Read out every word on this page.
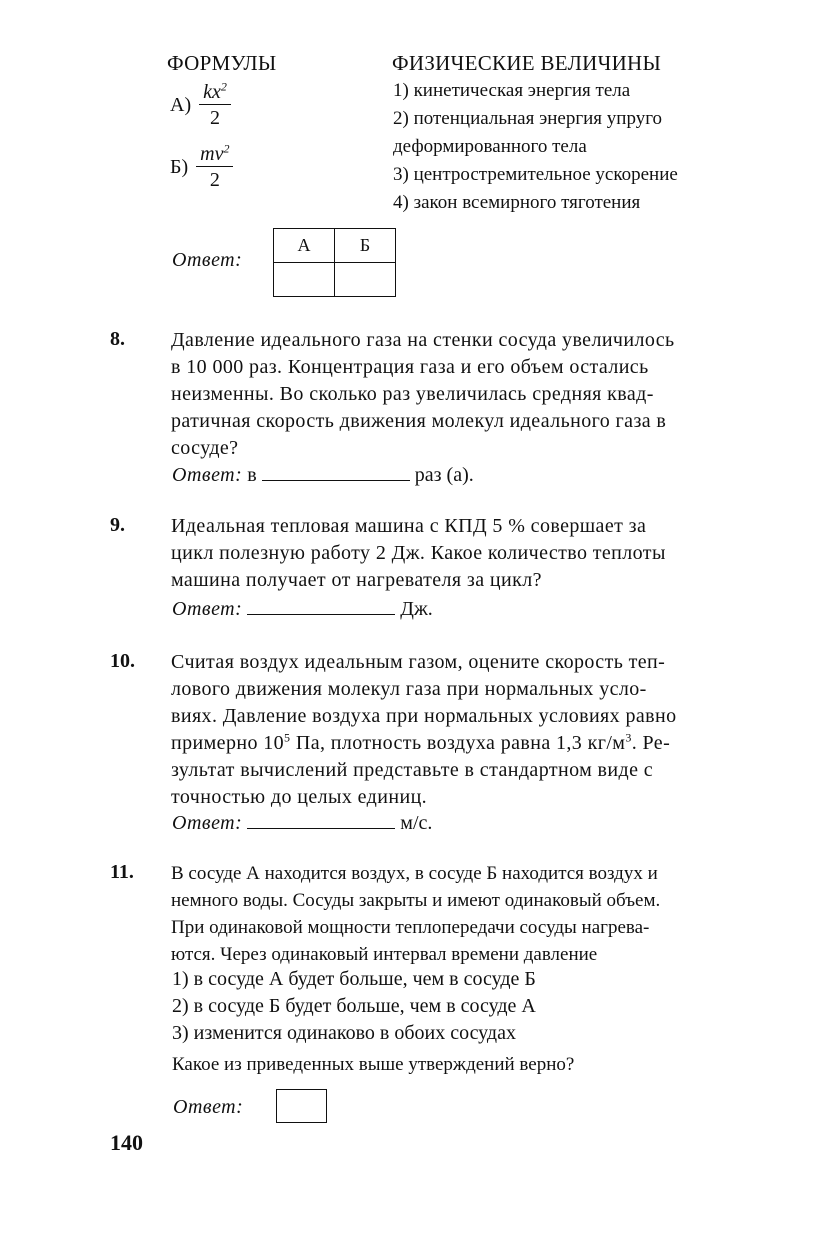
ФОРМУЛЫ	ФИЗИЧЕСКИЕ ВЕЛИЧИНЫ
$А) \frac{kx^2}{2}$
$Б) \frac{mv^2}{2}$
1) кинетическая энергия тела
2) потенциальная энергия упруго
деформированного тела
3) центростремительное ускорение
4) закон всемирного тяготения
Ответ:
А	Б

8. Давление идеального газа на стенки сосуда увеличилось
в 10 000 раз. Концентрация газа и его объем остались
неизменны. Во сколько раз увеличилась средняя квад-
ратичная скорость движения молекул идеального газа в
сосуде?
Ответ: в	раз (а).
9. Идеальная тепловая машина с КПД 5 % совершает за
цикл полезную работу 2 Дж. Какое количество теплоты
машина получает от нагревателя за цикл?
Ответ:	Дж.
10. Считая воздух идеальным газом, оцените скорость теп-
лового движения молекул газа при нормальных усло-
виях. Давление воздуха при нормальных условиях равно
примерно $10^5$ Па, плотность воздуха равна 1,3 $кг/м^3$. Ре-
зультат вычислений представьте в стандартном виде с
точностью до целых единиц.
Ответ:	м/с.
11. В сосуде А находится воздух, в сосуде Б находится воздух и
немного воды. Сосуды закрыты и имеют одинаковый объем.
При одинаковой мощности теплопередачи сосуды нагрева-
ются. Через одинаковый интервал времени давление
1) в сосуде А будет больше, чем в сосуде Б
2) в сосуде Б будет больше, чем в сосуде А
3) изменится одинаково в обоих сосудах
Какое из приведенных выше утверждений верно?
Ответ:
140
